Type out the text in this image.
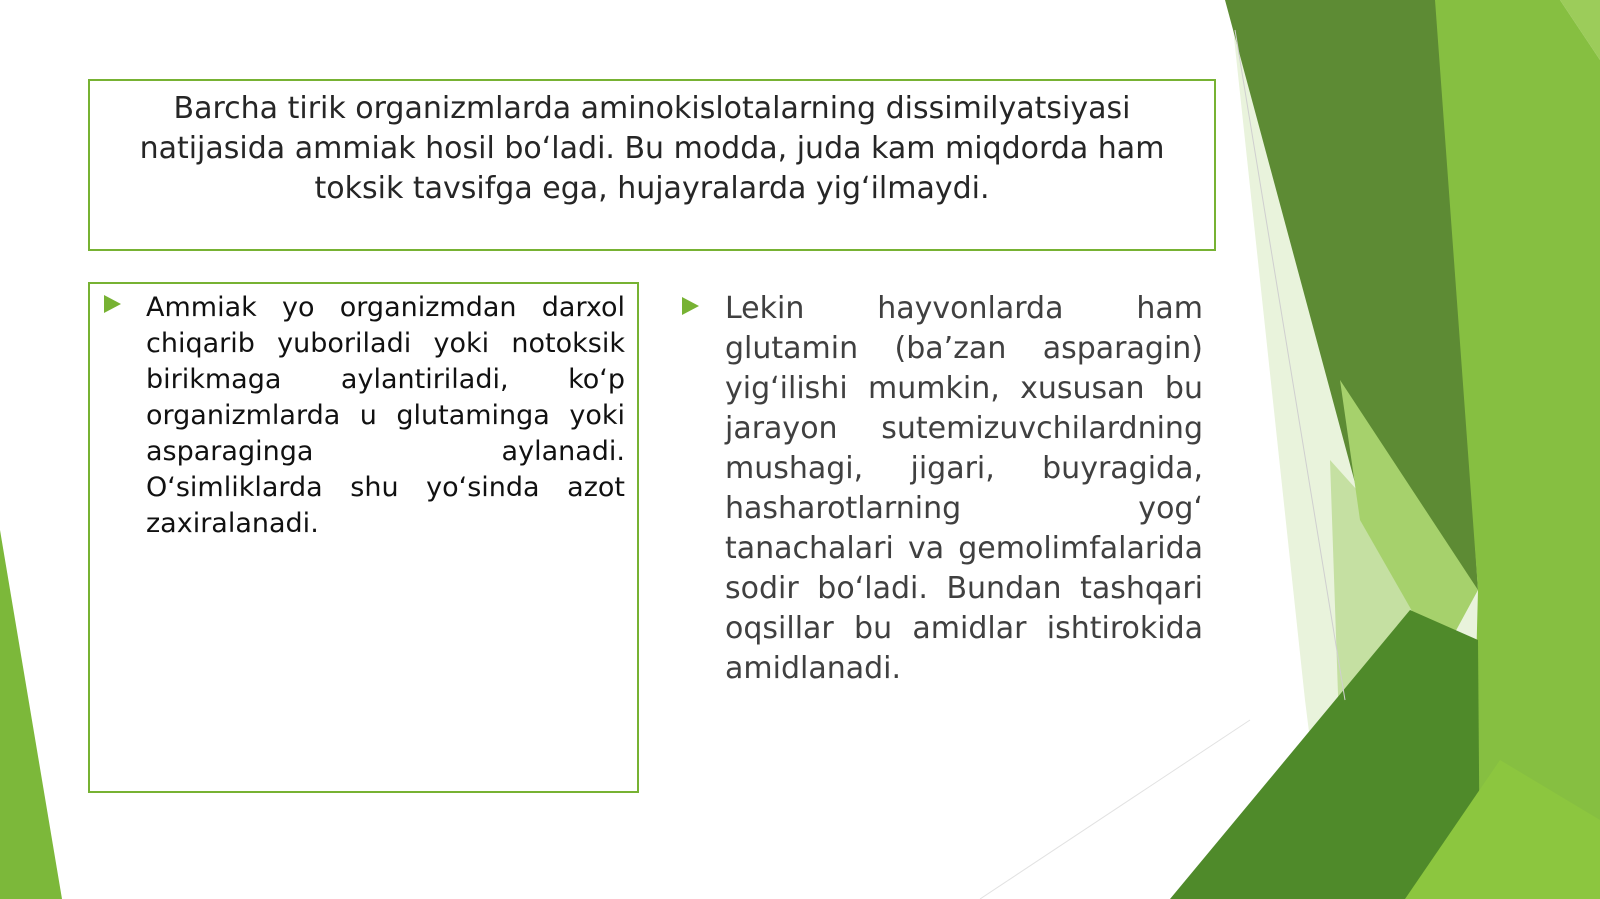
Barcha tirik organizmlarda aminokislotalarning dissimilyatsiyasi natijasida ammiak hosil bo‘ladi. Bu modda, juda kam miqdorda ham toksik tavsifga ega, hujayralarda yig‘ilmaydi.

Ammiak yo organizmdan darxol chiqarib yuboriladi yoki notoksik birikmaga aylantiriladi, ko‘p organizmlarda u glutaminga yoki asparaginga aylanadi. O‘simliklarda shu yo‘sinda azot zaxiralanadi.

Lekin hayvonlarda ham glutamin (ba’zan asparagin) yig‘ilishi mumkin, xususan bu jarayon sutemizuvchilardning mushagi, jigari, buyragida, hasharotlarning yog‘ tanachalari va gemolimfalarida sodir bo‘ladi. Bundan tashqari oqsillar bu amidlar ishtirokida amidlanadi.
